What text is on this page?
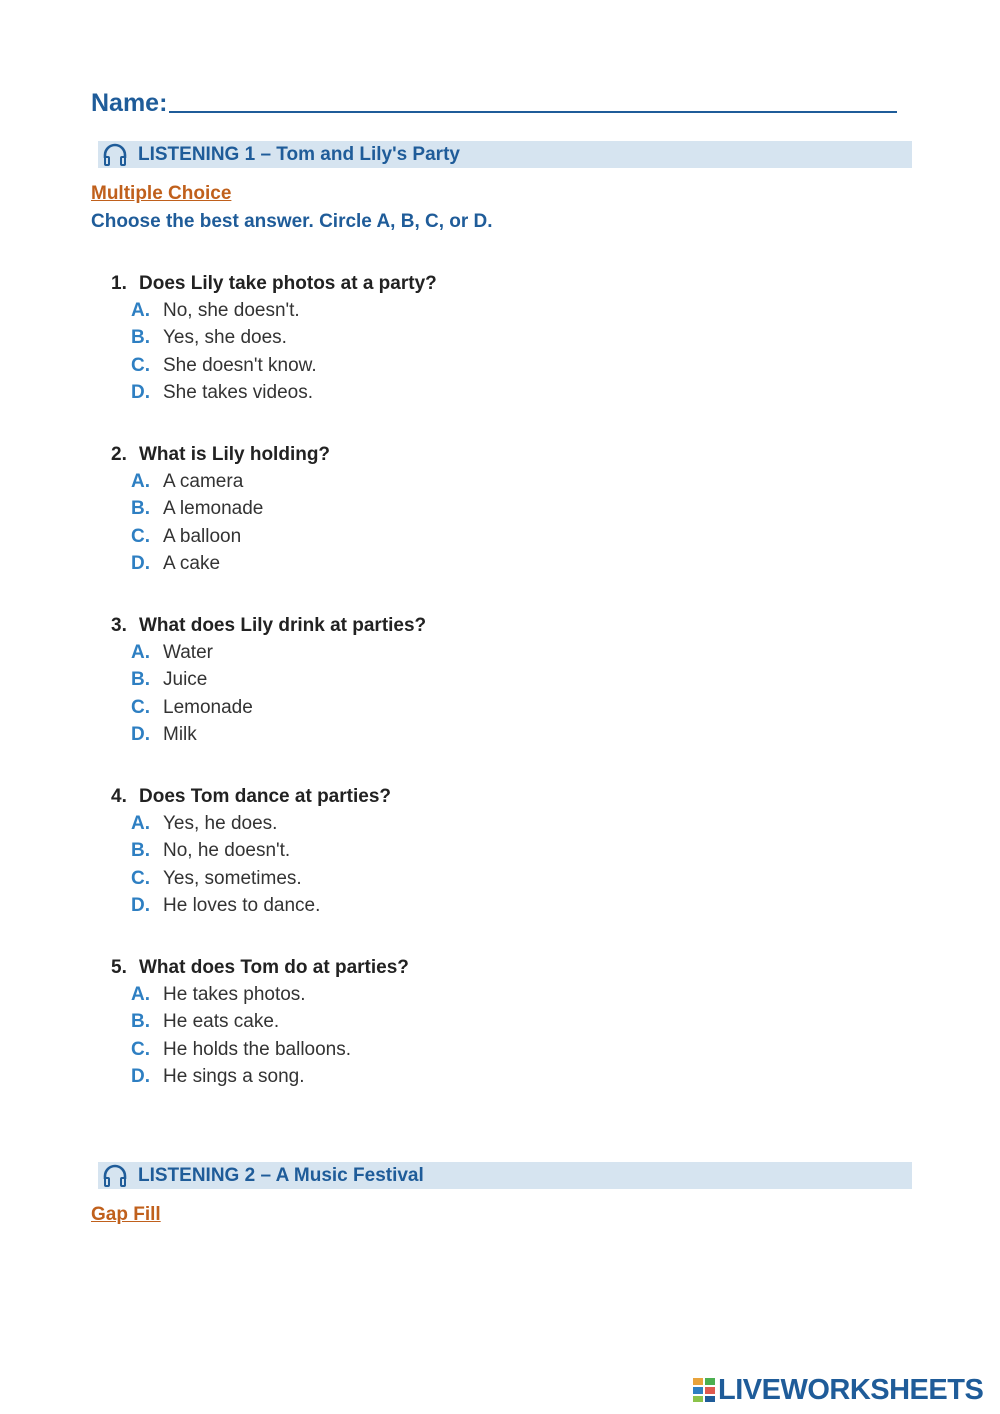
Name:
LISTENING 1 – Tom and Lily's Party
Multiple Choice
Choose the best answer. Circle A, B, C, or D.
1. Does Lily take photos at a party?
A. No, she doesn't.
B. Yes, she does.
C. She doesn't know.
D. She takes videos.
2. What is Lily holding?
A. A camera
B. A lemonade
C. A balloon
D. A cake
3. What does Lily drink at parties?
A. Water
B. Juice
C. Lemonade
D. Milk
4. Does Tom dance at parties?
A. Yes, he does.
B. No, he doesn't.
C. Yes, sometimes.
D. He loves to dance.
5. What does Tom do at parties?
A. He takes photos.
B. He eats cake.
C. He holds the balloons.
D. He sings a song.
LISTENING 2 – A Music Festival
Gap Fill
LIVEWORKSHEETS
